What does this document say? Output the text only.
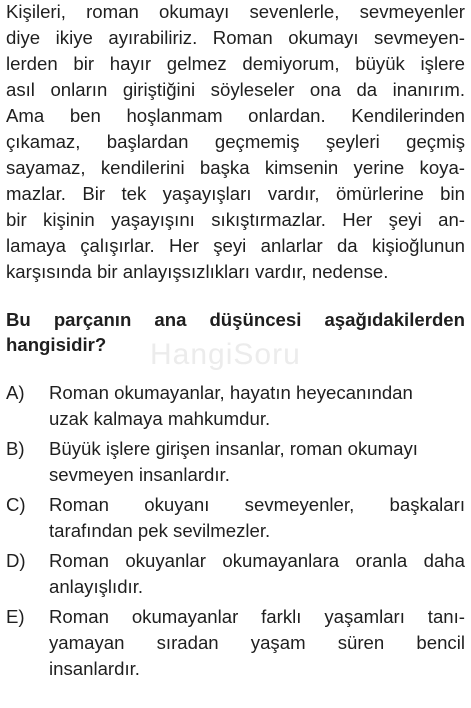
Kişileri, roman okumayı sevenlerle, sevmeyenler
diye ikiye ayırabiliriz. Roman okumayı sevmeyen-
lerden bir hayır gelmez demiyorum, büyük işlere
asıl onların giriştiğini söyleseler ona da inanırım.
Ama ben hoşlanmam onlardan. Kendilerinden
çıkamaz, başlardan geçmemiş şeyleri geçmiş
sayamaz, kendilerini başka kimsenin yerine koya-
mazlar. Bir tek yaşayışları vardır, ömürlerine bin
bir kişinin yaşayışını sıkıştırmazlar. Her şeyi an-
lamaya çalışırlar. Her şeyi anlarlar da kişioğlunun
karşısında bir anlayışsızlıkları vardır, nedense.
HangiSoru
Bu parçanın ana düşüncesi aşağıdakilerden
hangisidir?
A) Roman okumayanlar, hayatın heyecanından
uzak kalmaya mahkumdur.
B) Büyük işlere girişen insanlar, roman okumayı
sevmeyen insanlardır.
C) Roman okuyanı sevmeyenler, başkaları
tarafından pek sevilmezler.
D) Roman okuyanlar okumayanlara oranla daha
anlayışlıdır.
E) Roman okumayanlar farklı yaşamları tanı-
yamayan sıradan yaşam süren bencil
insanlardır.
